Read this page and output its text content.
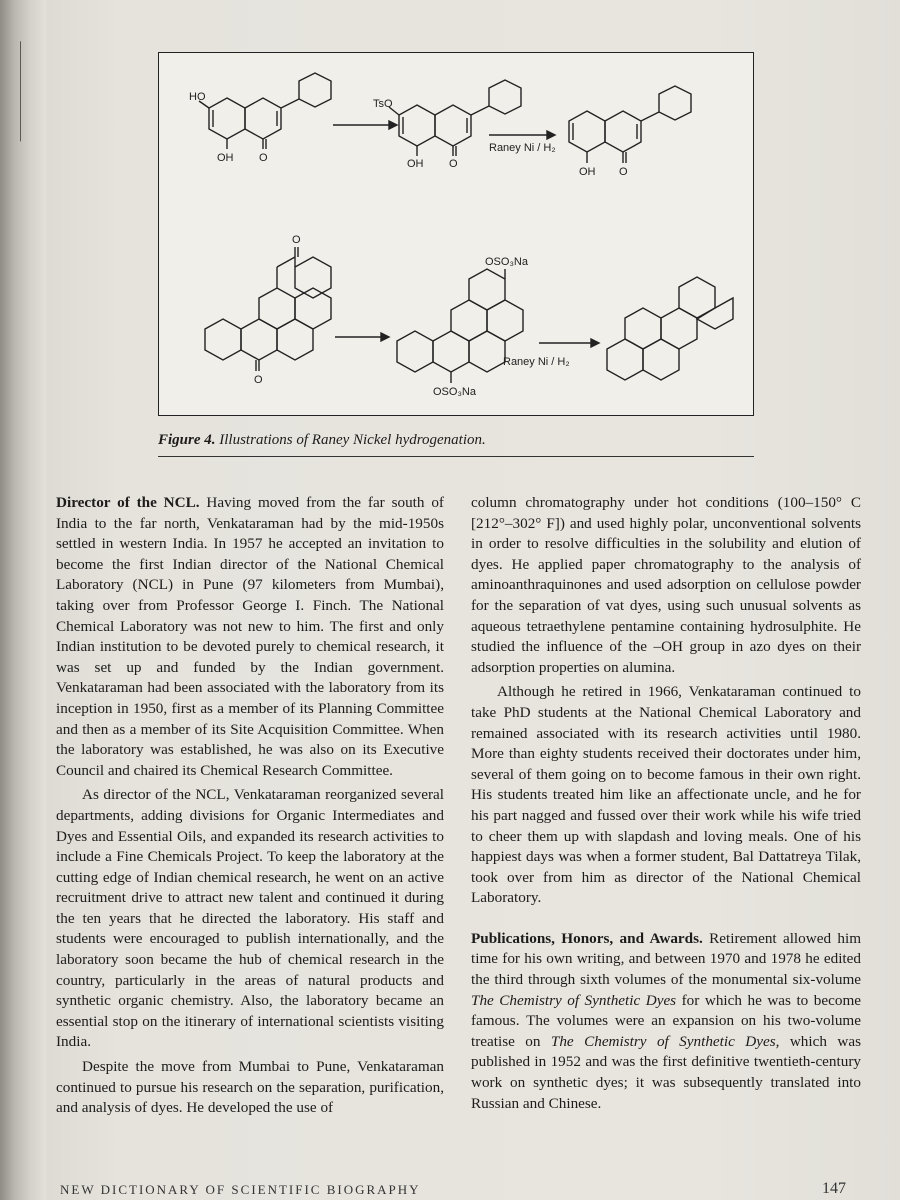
HO
OH O
TsO
OH O
Raney Ni / H₂
OH O
O
O
OSO₃Na
OSO₃Na
Raney Ni / H₂
Figure 4. Illustrations of Raney Nickel hydrogenation.

Director of the NCL. Having moved from the far south of India to the far north, Venkataraman had by the mid-1950s settled in western India. In 1957 he accepted an invitation to become the first Indian director of the National Chemical Laboratory (NCL) in Pune (97 kilometers from Mumbai), taking over from Professor George I. Finch. The National Chemical Laboratory was not new to him. The first and only Indian institution to be devoted purely to chemical research, it was set up and funded by the Indian government. Venkataraman had been associated with the laboratory from its inception in 1950, first as a member of its Planning Committee and then as a member of its Site Acquisition Committee. When the laboratory was established, he was also on its Executive Council and chaired its Chemical Research Committee.

As director of the NCL, Venkataraman reorganized several departments, adding divisions for Organic Intermediates and Dyes and Essential Oils, and expanded its research activities to include a Fine Chemicals Project. To keep the laboratory at the cutting edge of Indian chemical research, he went on an active recruitment drive to attract new talent and continued it during the ten years that he directed the laboratory. His staff and students were encouraged to publish internationally, and the laboratory soon became the hub of chemical research in the country, particularly in the areas of natural products and synthetic organic chemistry. Also, the laboratory became an essential stop on the itinerary of international scientists visiting India.

Despite the move from Mumbai to Pune, Venkataraman continued to pursue his research on the separation, purification, and analysis of dyes. He developed the use of

column chromatography under hot conditions (100–150° C [212°–302° F]) and used highly polar, unconventional solvents in order to resolve difficulties in the solubility and elution of dyes. He applied paper chromatography to the analysis of aminoanthraquinones and used adsorption on cellulose powder for the separation of vat dyes, using such unusual solvents as aqueous tetraethylene pentamine containing hydrosulphite. He studied the influence of the –OH group in azo dyes on their adsorption properties on alumina.

Although he retired in 1966, Venkataraman continued to take PhD students at the National Chemical Laboratory and remained associated with its research activities until 1980. More than eighty students received their doctorates under him, several of them going on to become famous in their own right. His students treated him like an affectionate uncle, and he for his part nagged and fussed over their work while his wife tried to cheer them up with slapdash and loving meals. One of his happiest days was when a former student, Bal Dattatreya Tilak, took over from him as director of the National Chemical Laboratory.

Publications, Honors, and Awards. Retirement allowed him time for his own writing, and between 1970 and 1978 he edited the third through sixth volumes of the monumental six-volume The Chemistry of Synthetic Dyes for which he was to become famous. The volumes were an expansion on his two-volume treatise on The Chemistry of Synthetic Dyes, which was published in 1952 and was the first definitive twentieth-century work on synthetic dyes; it was subsequently translated into Russian and Chinese.

NEW DICTIONARY OF SCIENTIFIC BIOGRAPHY	147
